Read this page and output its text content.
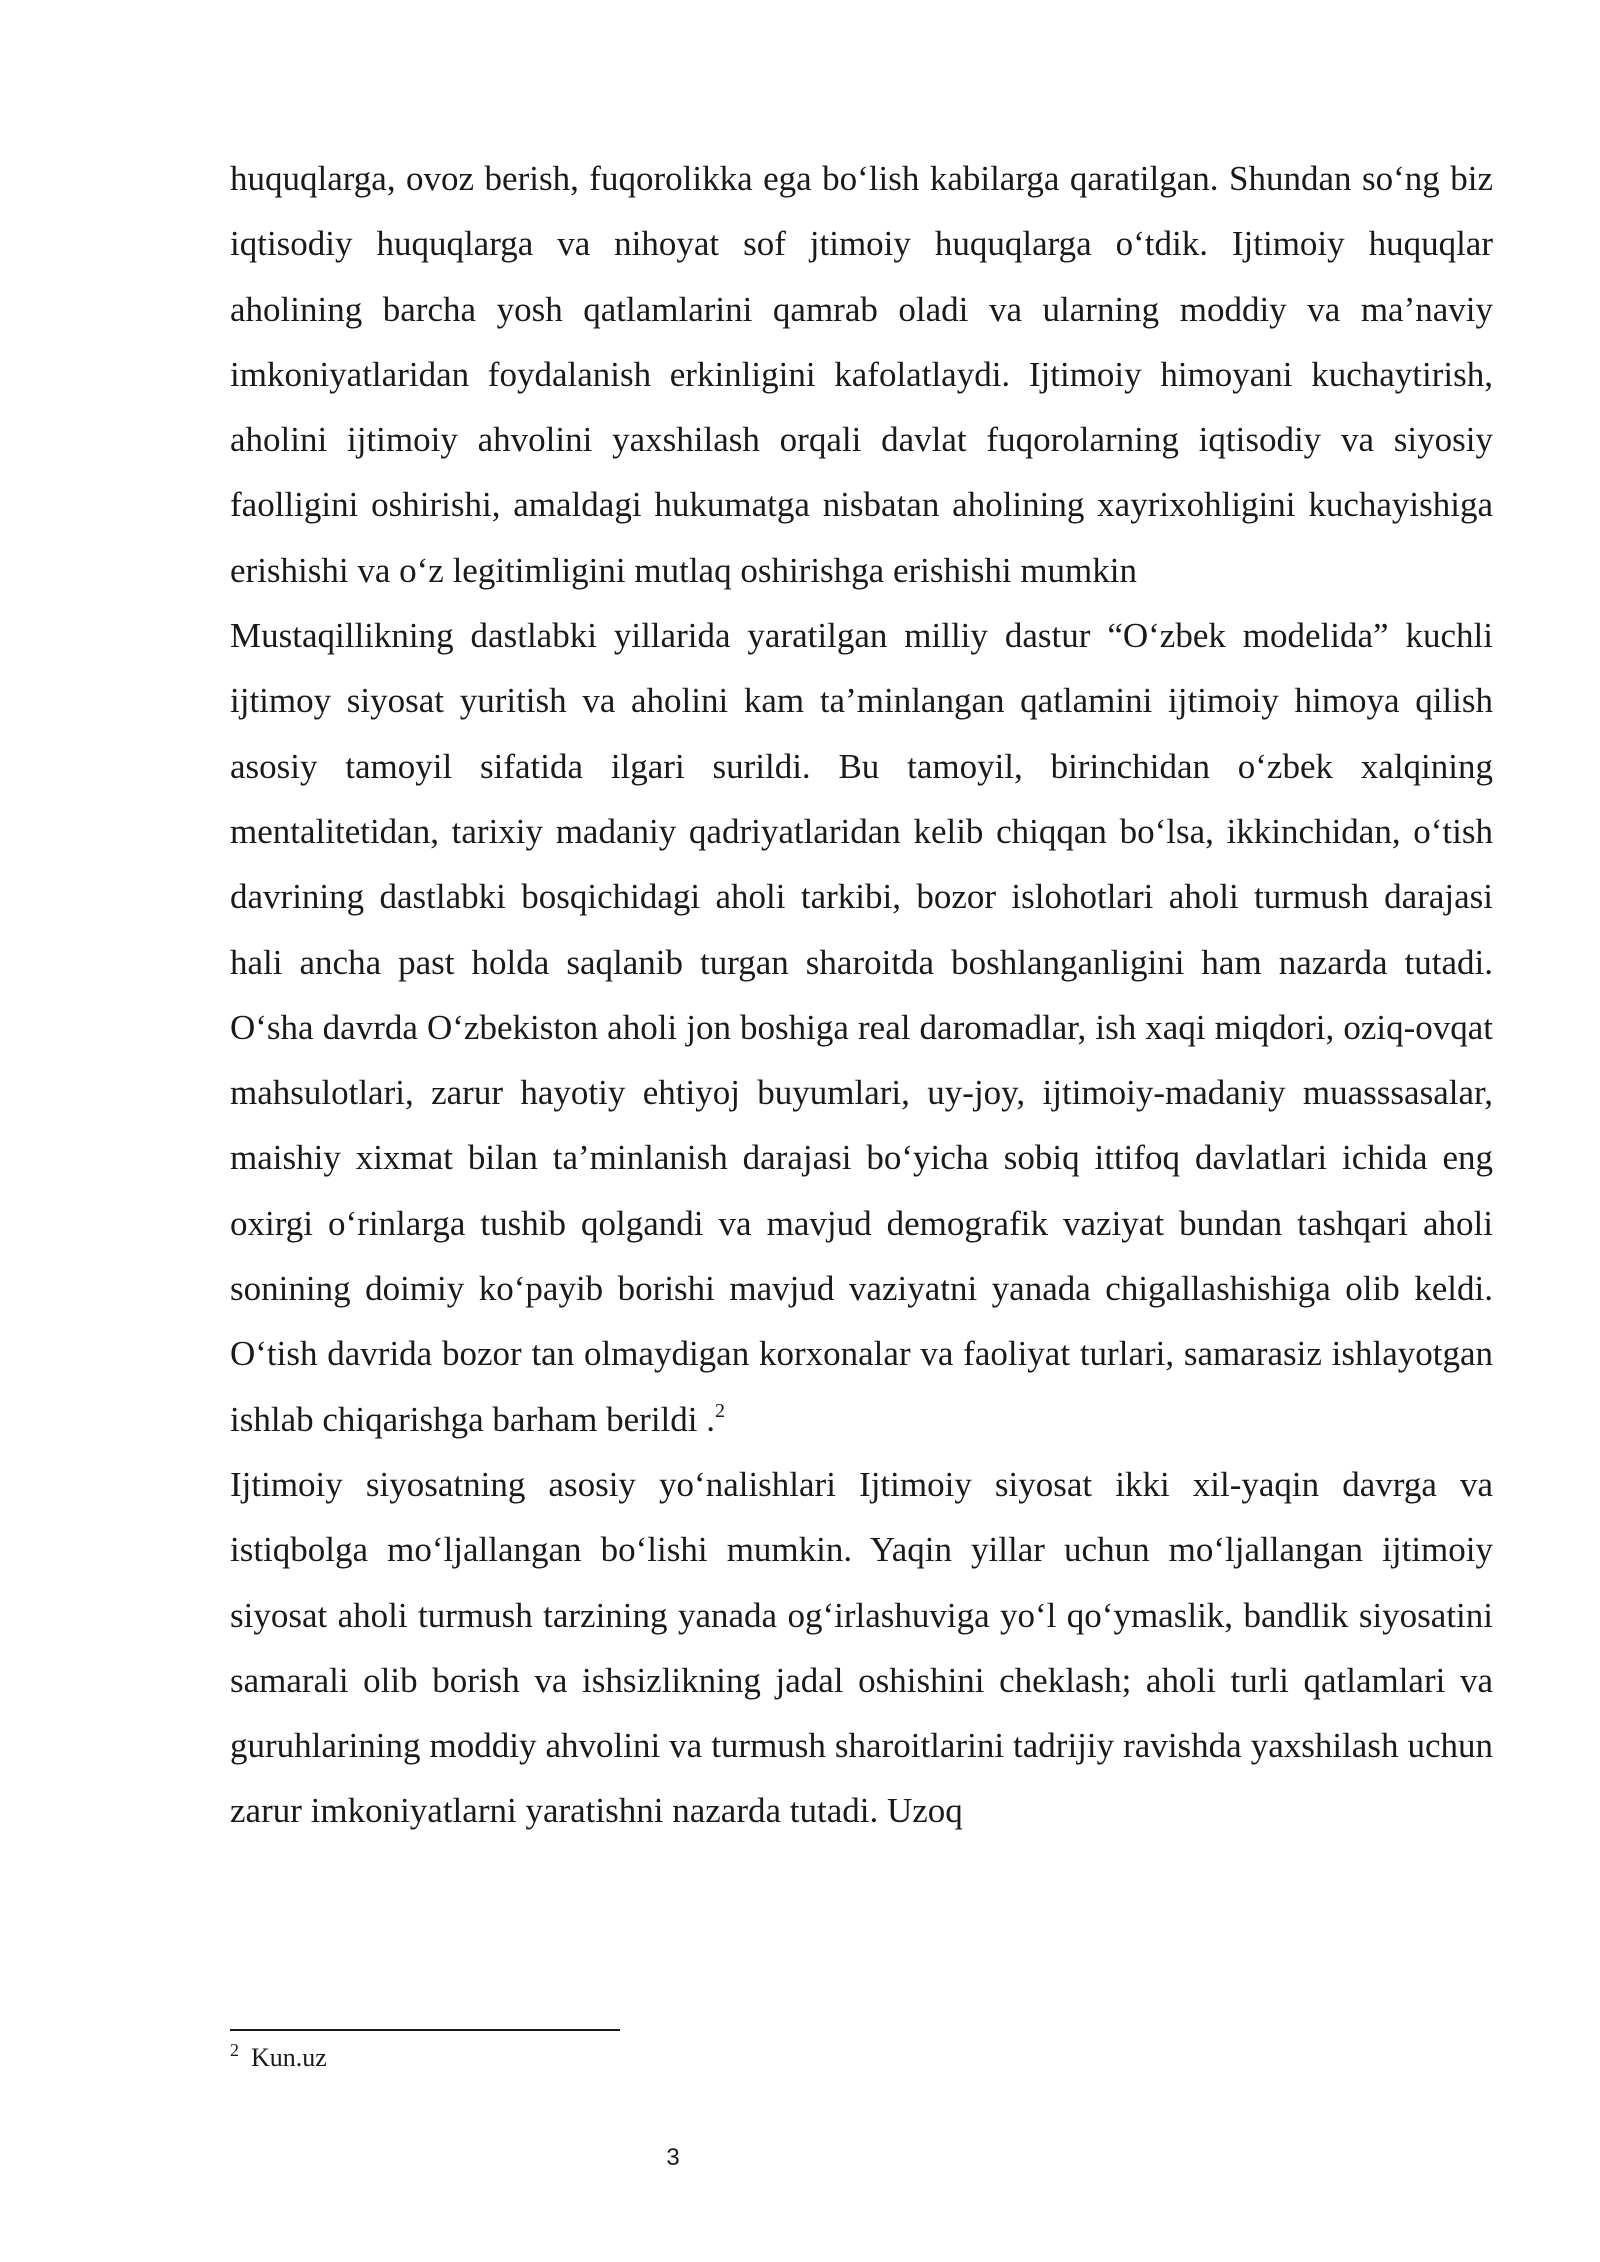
huquqlarga, ovoz berish, fuqorolikka ega bo‘lish kabilarga qaratilgan. Shundan so‘ng biz iqtisodiy huquqlarga va nihoyat sof jtimoiy huquqlarga o‘tdik. Ijtimoiy huquqlar aholining barcha yosh qatlamlarini qamrab oladi va ularning moddiy va ma’naviy imkoniyatlaridan foydalanish erkinligini kafolatlaydi. Ijtimoiy himoyani kuchaytirish, aholini ijtimoiy ahvolini yaxshilash orqali davlat fuqorolarning iqtisodiy va siyosiy faolligini oshirishi, amaldagi hukumatga nisbatan aholining xayrixohligini kuchayishiga erishishi va o‘z legitimligini mutlaq oshirishga erishishi mumkin

Mustaqillikning dastlabki yillarida yaratilgan milliy dastur “O‘zbek modelida” kuchli ijtimoy siyosat yuritish va aholini kam ta’minlangan qatlamini ijtimoiy himoya qilish asosiy tamoyil sifatida ilgari surildi. Bu tamoyil, birinchidan o‘zbek xalqining mentalitetidan, tarixiy madaniy qadriyatlaridan kelib chiqqan bo‘lsa, ikkinchidan, o‘tish davrining dastlabki bosqichidagi aholi tarkibi, bozor islohotlari aholi turmush darajasi hali ancha past holda saqlanib turgan sharoitda boshlanganligini ham nazarda tutadi. O‘sha davrda O‘zbekiston aholi jon boshiga real daromadlar, ish xaqi miqdori, oziq-ovqat mahsulotlari, zarur hayotiy ehtiyoj buyumlari, uy-joy, ijtimoiy-madaniy muasssasalar, maishiy xixmat bilan ta’minlanish darajasi bo‘yicha sobiq ittifoq davlatlari ichida eng oxirgi o‘rinlarga tushib qolgandi va mavjud demografik vaziyat bundan tashqari aholi sonining doimiy ko‘payib borishi mavjud vaziyatni yanada chigallashishiga olib keldi. O‘tish davrida bozor tan olmaydigan korxonalar va faoliyat turlari, samarasiz ishlayotgan ishlab chiqarishga barham berildi .$^2$

Ijtimoiy siyosatning asosiy yo‘nalishlari Ijtimoiy siyosat ikki xil-yaqin davrga va istiqbolga mo‘ljallangan bo‘lishi mumkin. Yaqin yillar uchun mo‘ljallangan ijtimoiy siyosat aholi turmush tarzining yanada og‘irlashuviga yo‘l qo‘ymaslik, bandlik siyosatini samarali olib borish va ishsizlikning jadal oshishini cheklash; aholi turli qatlamlari va guruhlarining moddiy ahvolini va turmush sharoitlarini tadrijiy ravishda yaxshilash uchun zarur imkoniyatlarni yaratishni nazarda tutadi. Uzoq

$^2$ Kun.uz
3
